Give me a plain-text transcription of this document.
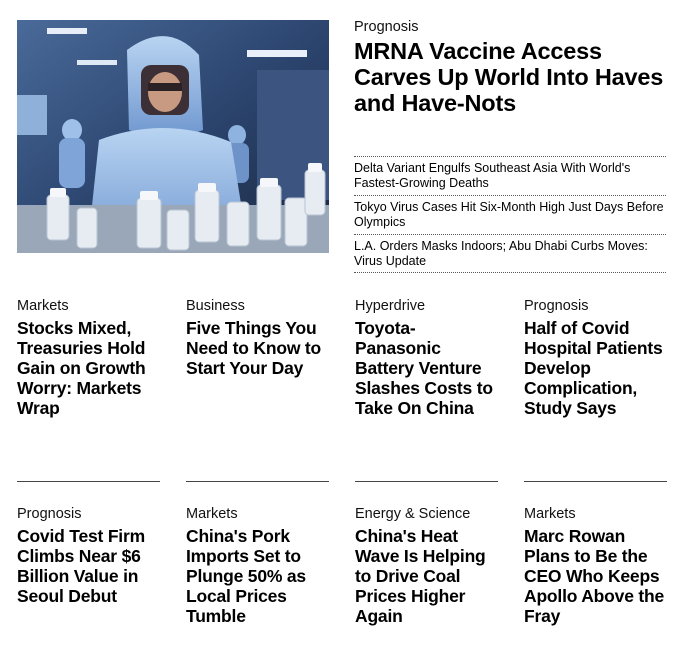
Prognosis
MRNA Vaccine Access Carves Up World Into Haves and Have-Nots
Delta Variant Engulfs Southeast Asia With World's Fastest-Growing Deaths
Tokyo Virus Cases Hit Six-Month High Just Days Before Olympics
L.A. Orders Masks Indoors; Abu Dhabi Curbs Moves: Virus Update
Markets
Stocks Mixed, Treasuries Hold Gain on Growth Worry: Markets Wrap
Business
Five Things You Need to Know to Start Your Day
Hyperdrive
Toyota-Panasonic Battery Venture Slashes Costs to Take On China
Prognosis
Half of Covid Hospital Patients Develop Complication, Study Says
Prognosis
Covid Test Firm Climbs Near $6 Billion Value in Seoul Debut
Markets
China's Pork Imports Set to Plunge 50% as Local Prices Tumble
Energy & Science
China's Heat Wave Is Helping to Drive Coal Prices Higher Again
Markets
Marc Rowan Plans to Be the CEO Who Keeps Apollo Above the Fray
